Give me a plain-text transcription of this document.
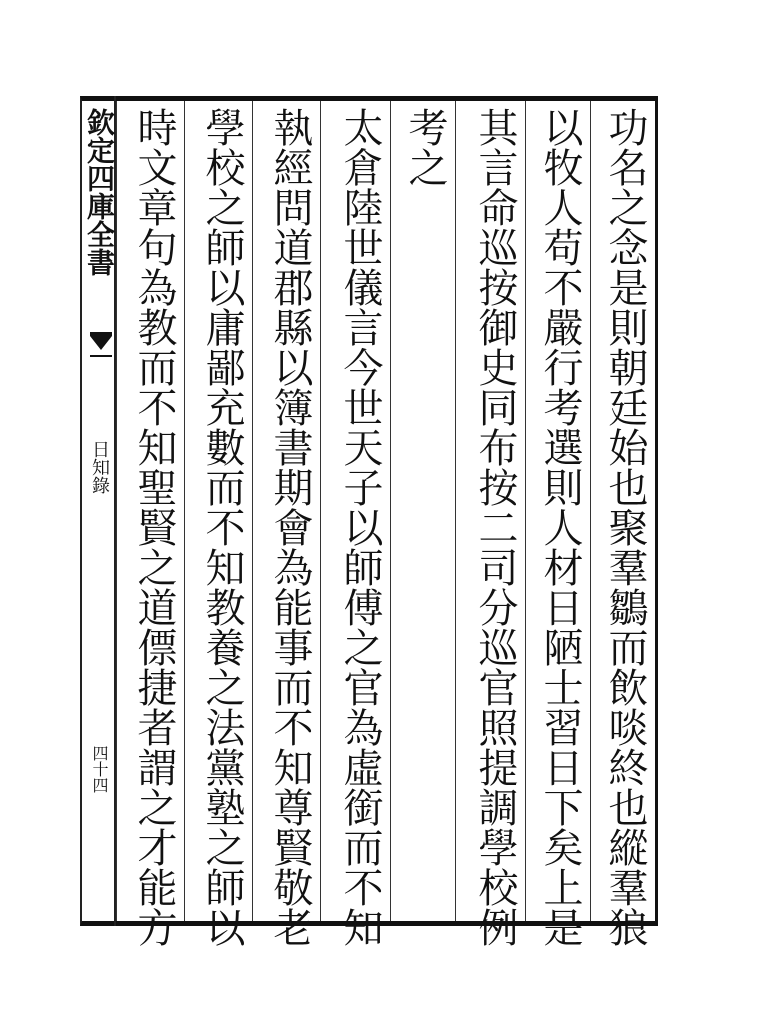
欽定四庫全書
日知錄
四十四	功名之念是則朝廷始也聚羣鶵而飲啖終也縱羣狼
以牧人苟不嚴行考選則人材日陋士習日下矣上是
其言命巡按御史同布按二司分巡官照提調學校例
考之
太倉陸世儀言今世天子以師傅之官為虛銜而不知
執經問道郡縣以簿書期會為能事而不知尊賢敬老
學校之師以庸鄙充數而不知教養之法黨塾之師以
時文章句為教而不知聖賢之道僄捷者謂之才能方
